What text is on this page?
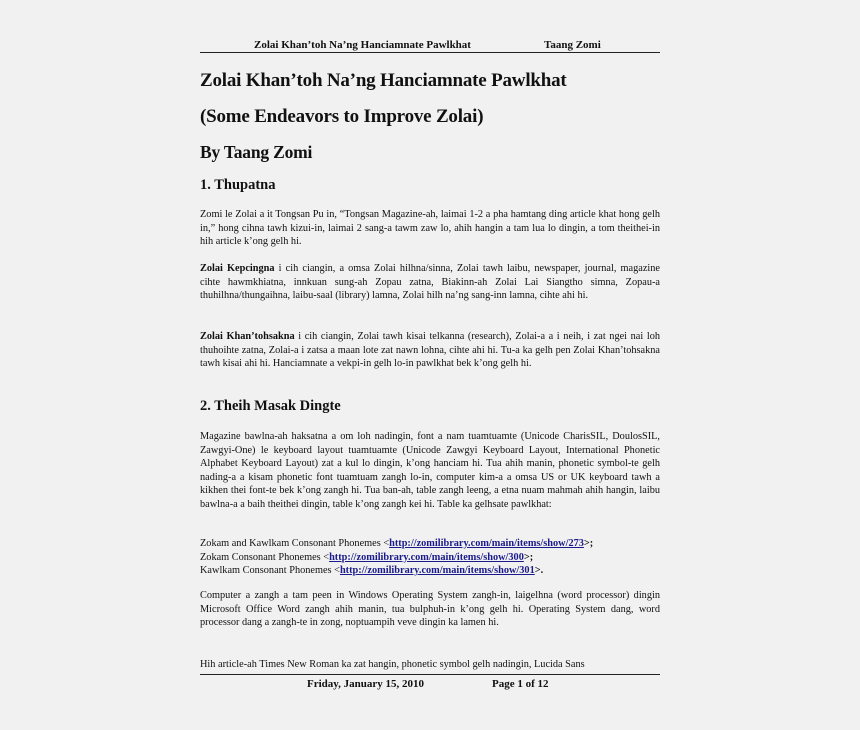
Zolai Khan’toh Na’ng Hanciamnate Pawlkhat	Taang Zomi
Zolai Khan’toh Na’ng Hanciamnate Pawlkhat
(Some Endeavors to Improve Zolai)
By Taang Zomi
1. Thupatna

Zomi le Zolai a it Tongsan Pu in, “Tongsan Magazine-ah, laimai 1-2 a pha hamtang ding article khat hong gelh in,” hong cihna tawh kizui-in, laimai 2 sang-a tawm zaw lo, ahih hangin a tam lua lo dingin, a tom theithei-in hih article k’ong gelh hi.

Zolai Kepcingna i cih ciangin, a omsa Zolai hilhna/sinna, Zolai tawh laibu, newspaper, journal, magazine cihte hawmkhiatna, innkuan sung-ah Zopau zatna, Biakinn-ah Zolai Lai Siangtho simna, Zopau-a thuhilhna/thungaihna, laibu-saal (library) lamna, Zolai hilh na’ng sang-inn lamna, cihte ahi hi.

Zolai Khan’tohsakna i cih ciangin, Zolai tawh kisai telkanna (research), Zolai-a a i neih, i zat ngei nai loh thuhoihte zatna, Zolai-a i zatsa a maan lote zat nawn lohna, cihte ahi hi. Tu-a ka gelh pen Zolai Khan’tohsakna tawh kisai ahi hi. Hanciamnate a vekpi-in gelh lo-in pawlkhat bek k’ong gelh hi.

2. Theih Masak Dingte

Magazine bawlna-ah haksatna a om loh nadingin, font a nam tuamtuamte (Unicode CharisSIL, DoulosSIL, Zawgyi-One) le keyboard layout tuamtuamte (Unicode Zawgyi Keyboard Layout, International Phonetic Alphabet Keyboard Layout) zat a kul lo dingin, k’ong hanciam hi. Tua ahih manin, phonetic symbol-te gelh nading-a a kisam phonetic font tuamtuam zangh lo-in, computer kim-a a omsa US or UK keyboard tawh a kikhen thei font-te bek k’ong zangh hi. Tua ban-ah, table zangh leeng, a etna nuam mahmah ahih hangin, laibu bawlna-a a baih theithei dingin, table k’ong zangh kei hi. Table ka gelhsate pawlkhat:

Zokam and Kawlkam Consonant Phonemes <http://zomilibrary.com/main/items/show/273>;
Zokam Consonant Phonemes <http://zomilibrary.com/main/items/show/300>;
Kawlkam Consonant Phonemes <http://zomilibrary.com/main/items/show/301>.

Computer a zangh a tam peen in Windows Operating System zangh-in, laigelhna (word processor) dingin Microsoft Office Word zangh ahih manin, tua bulphuh-in k’ong gelh hi. Operating System dang, word processor dang a zangh-te in zong, noptuampih veve dingin ka lamen hi.

Hih article-ah Times New Roman ka zat hangin, phonetic symbol gelh nadingin, Lucida Sans

Friday, January 15, 2010	Page 1 of 12
